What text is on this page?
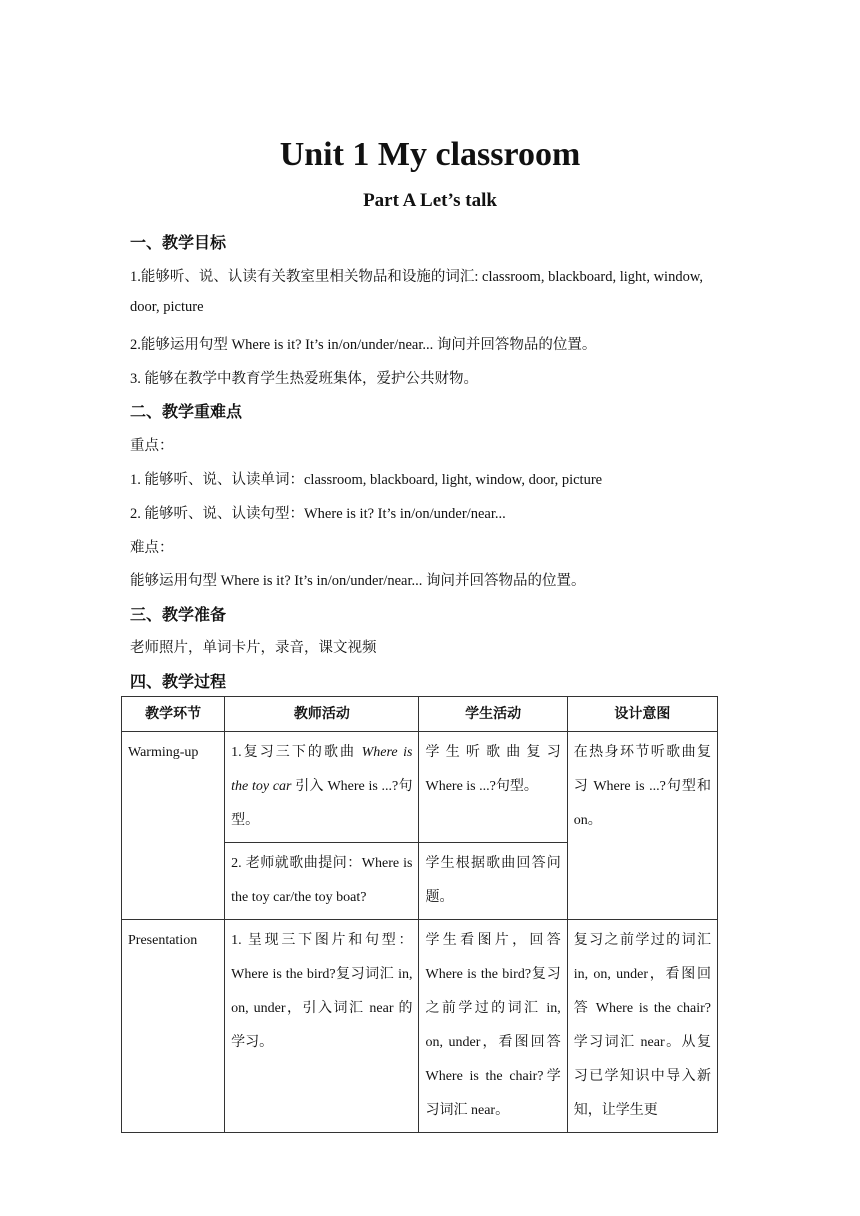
Unit 1 My classroom
Part A Let’s talk
一、教学目标
1.能够听、说、认读有关教室里相关物品和设施的词汇: classroom, blackboard, light, window,
door, picture
2.能够运用句型 Where is it? It’s in/on/under/near... 询问并回答物品的位置。
3. 能够在教学中教育学生热爱班集体，爱护公共财物。
二、教学重难点
重点：
1. 能够听、说、认读单词：classroom, blackboard, light, window, door, picture
2. 能够听、说、认读句型：Where is it? It’s in/on/under/near...
难点：
能够运用句型 Where is it? It’s in/on/under/near... 询问并回答物品的位置。
三、教学准备
老师照片，单词卡片，录音，课文视频
四、教学过程
教学环节	教师活动	学生活动	设计意图
Warming-up	1.复习三下的歌曲 Where is the toy car 引入 Where is ...?句型。	学生听歌曲复习 Where is ...?句型。	在热身环节听歌曲复习 Where is ...?句型和 on。
	2. 老师就歌曲提问：Where is the toy car/the toy boat?	学生根据歌曲回答问题。	
Presentation	1. 呈现三下图片和句型：Where is the bird?复习词汇 in, on, under，引入词汇 near 的学习。	学生看图片，回答 Where is the bird?复习之前学过的词汇 in, on, under，看图回答 Where is the chair?学习词汇 near。	复习之前学过的词汇 in, on, under，看图回答 Where is the chair?学习词汇 near。从复习已学知识中导入新知，让学生更
